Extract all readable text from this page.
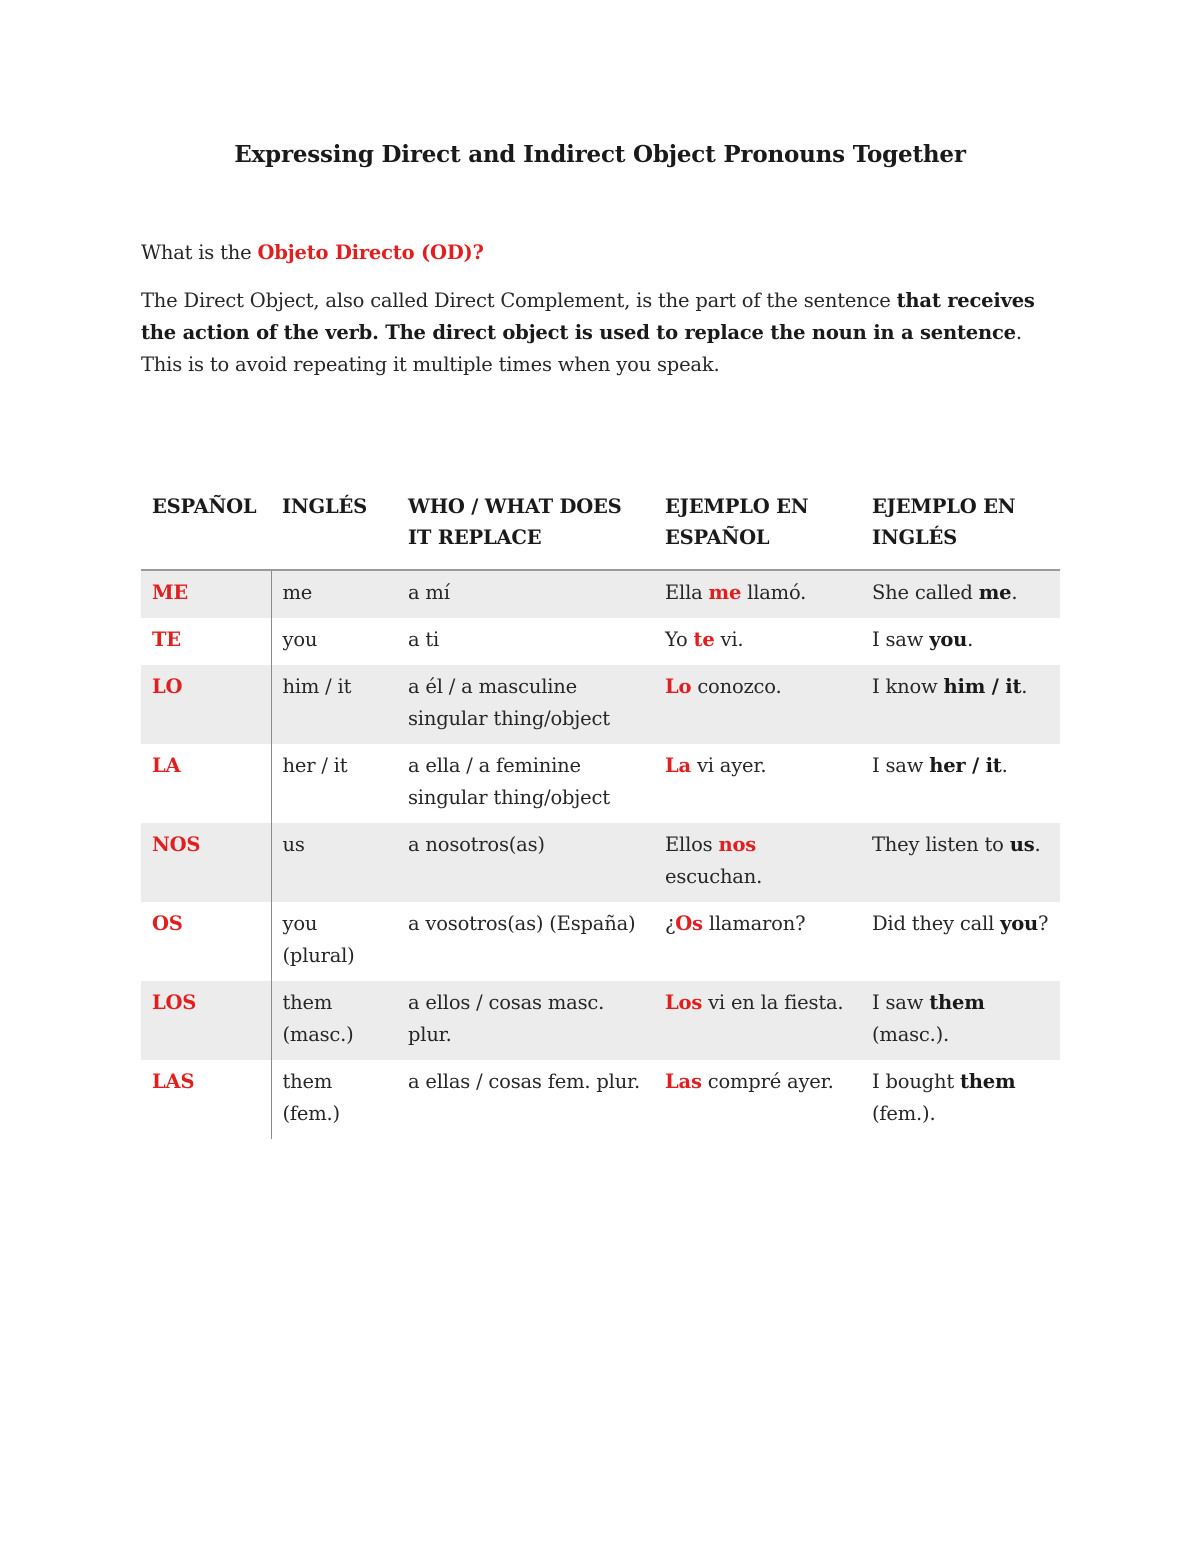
Expressing Direct and Indirect Object Pronouns Together
What is the Objeto Directo (OD)?

The Direct Object, also called Direct Complement, is the part of the sentence that receives the action of the verb. The direct object is used to replace the noun in a sentence. This is to avoid repeating it multiple times when you speak.

ESPAÑOL	INGLÉS	WHO / WHAT DOES IT REPLACE	EJEMPLO EN ESPAÑOL	EJEMPLO EN INGLÉS
ME	me	a mí	Ella me llamó.	She called me.
TE	you	a ti	Yo te vi.	I saw you.
LO	him / it	a él / a masculine singular thing/object	Lo conozco.	I know him / it.
LA	her / it	a ella / a feminine singular thing/object	La vi ayer.	I saw her / it.
NOS	us	a nosotros(as)	Ellos nos escuchan.	They listen to us.
OS	you (plural)	a vosotros(as) (España)	¿Os llamaron?	Did they call you?
LOS	them (masc.)	a ellos / cosas masc. plur.	Los vi en la fiesta.	I saw them (masc.).
LAS	them (fem.)	a ellas / cosas fem. plur.	Las compré ayer.	I bought them (fem.).
